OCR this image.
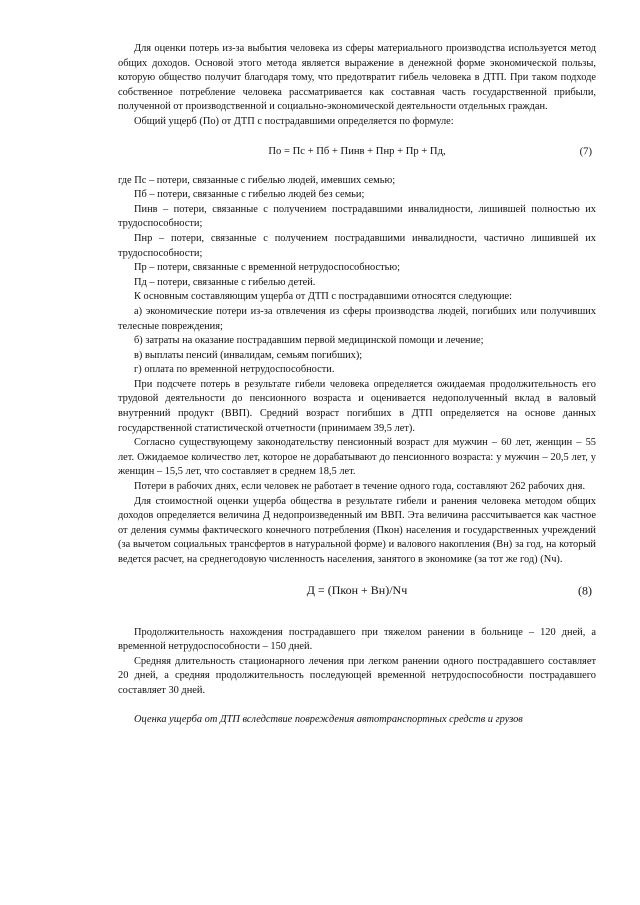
Для оценки потерь из-за выбытия человека из сферы материального производства используется метод общих доходов. Основой этого метода является выражение в денежной форме экономической пользы, которую общество получит благодаря тому, что предотвратит гибель человека в ДТП. При таком подходе собственное потребление человека рассматривается как составная часть государственной прибыли, полученной от производственной и социально-экономической деятельности отдельных граждан.

Общий ущерб (По) от ДТП с пострадавшими определяется по формуле:

По = Пс + Пб + Пинв + Пнр + Пр + Пд,	(7)

где Пс – потери, связанные с гибелью людей, имевших семью;

Пб – потери, связанные с гибелью людей без семьи;

Пинв – потери, связанные с получением пострадавшими инвалидности, лишившей полностью их трудоспособности;

Пнр – потери, связанные с получением пострадавшими инвалидности, частично лишившей их трудоспособности;

Пр – потери, связанные с временной нетрудоспособностью;

Пд – потери, связанные с гибелью детей.

К основным составляющим ущерба от ДТП с пострадавшими относятся следующие:

а) экономические потери из-за отвлечения из сферы производства людей, погибших или получивших телесные повреждения;

б) затраты на оказание пострадавшим первой медицинской помощи и лечение;

в) выплаты пенсий (инвалидам, семьям погибших);

г) оплата по временной нетрудоспособности.

При подсчете потерь в результате гибели человека определяется ожидаемая продолжительность его трудовой деятельности до пенсионного возраста и оценивается недополученный вклад в валовый внутренний продукт (ВВП). Средний возраст погибших в ДТП определяется на основе данных государственной статистической отчетности (принимаем 39,5 лет).

Согласно существующему законодательству пенсионный возраст для мужчин – 60 лет, женщин – 55 лет. Ожидаемое количество лет, которое не дорабатывают до пенсионного возраста: у мужчин – 20,5 лет, у женщин – 15,5 лет, что составляет в среднем 18,5 лет.

Потери в рабочих днях, если человек не работает в течение одного года, составляют 262 рабочих дня.

Для стоимостной оценки ущерба общества в результате гибели и ранения человека методом общих доходов определяется величина Д недопроизведенный им ВВП. Эта величина рассчитывается как частное от деления суммы фактического конечного потребления (Пкон) населения и государственных учреждений (за вычетом социальных трансфертов в натуральной форме) и валового накопления (Вн) за год, на который ведется расчет, на среднегодовую численность населения, занятого в экономике (за тот же год) (Nч).

Д = (Пкон + Вн)/Nч	(8)

Продолжительность нахождения пострадавшего при тяжелом ранении в больнице – 120 дней, а временной нетрудоспособности – 150 дней.

Средняя длительность стационарного лечения при легком ранении одного пострадавшего составляет 20 дней, а средняя продолжительность последующей временной нетрудоспособности пострадавшего составляет 30 дней.

Оценка ущерба от ДТП вследствие повреждения автотранспортных средств и грузов
